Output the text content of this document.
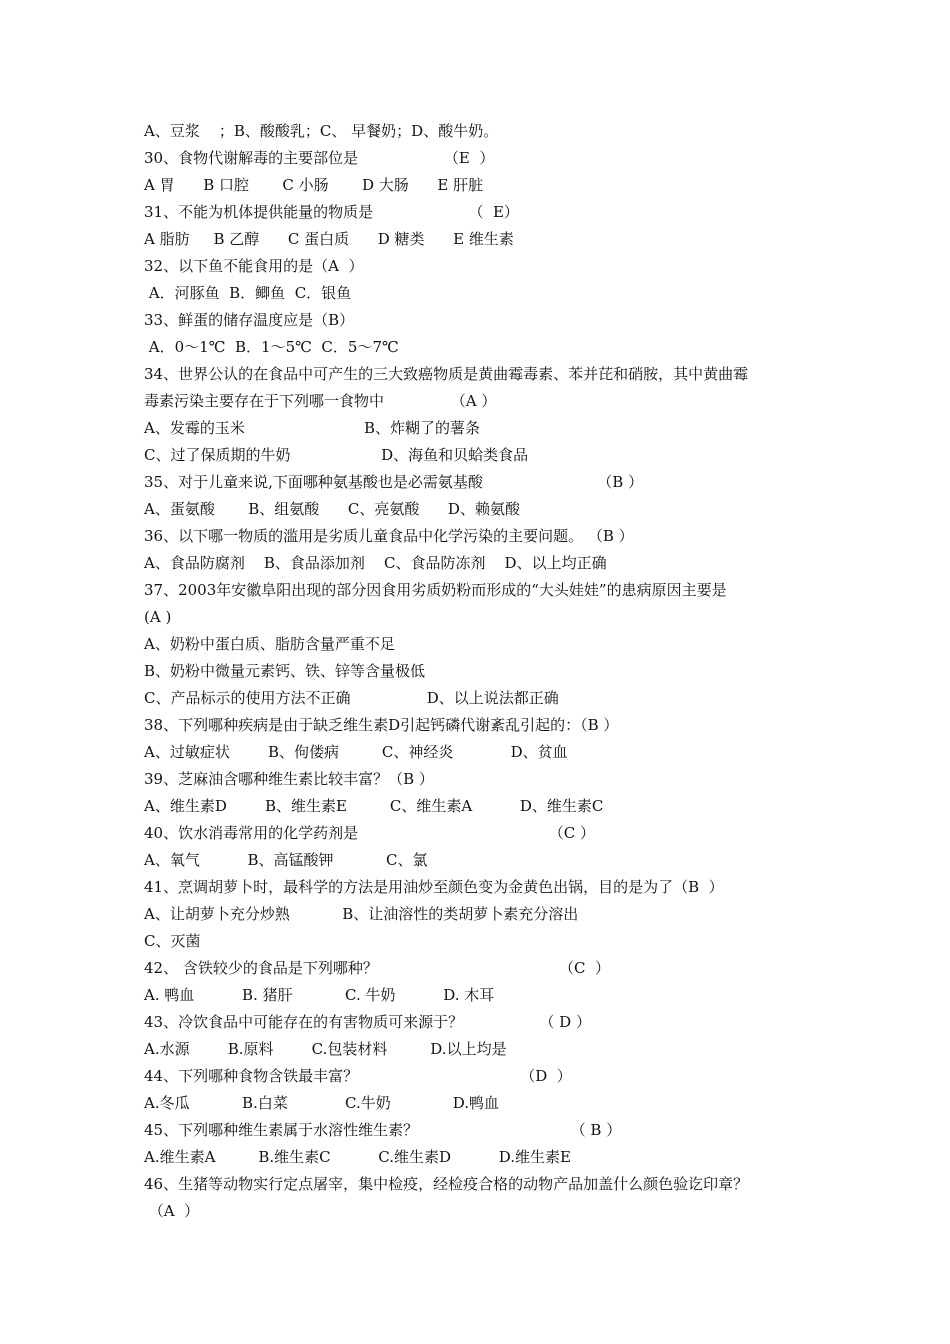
A、豆浆    ；B、酸酸乳；C、 早餐奶；D、酸牛奶。
30、食物代谢解毒的主要部位是                  （E  ）
A 胃      B 口腔       C 小肠       D 大肠      E 肝脏
31、不能为机体提供能量的物质是                    （  E）
A 脂肪     B 乙醇      C 蛋白质      D 糖类      E 维生素
32、以下鱼不能食用的是（A  ）
A．河豚鱼  B．鲫鱼  C．银鱼
33、鲜蛋的储存温度应是（B）
A．0～1℃  B．1～5℃  C．5～7℃
34、世界公认的在食品中可产生的三大致癌物质是黄曲霉毒素、苯并芘和硝胺，其中黄曲霉
毒素污染主要存在于下列哪一食物中              （A ）
A、发霉的玉米                         B、炸糊了的薯条
C、过了保质期的牛奶                   D、海鱼和贝蛤类食品
35、对于儿童来说,下面哪种氨基酸也是必需氨基酸                        （B ）
A、蛋氨酸       B、组氨酸      C、亮氨酸      D、赖氨酸
36、以下哪一物质的滥用是劣质儿童食品中化学污染的主要问题。 （B ）
A、食品防腐剂    B、食品添加剂    C、食品防冻剂    D、以上均正确
37、2003年安徽阜阳出现的部分因食用劣质奶粉而形成的“大头娃娃”的患病原因主要是
(A )
A、奶粉中蛋白质、脂肪含量严重不足
B、奶粉中微量元素钙、铁、锌等含量极低
C、产品标示的使用方法不正确                D、以上说法都正确
38、下列哪种疾病是由于缺乏维生素D引起钙磷代谢紊乱引起的：（B ）
A、过敏症状        B、佝偻病         C、神经炎            D、贫血
39、芝麻油含哪种维生素比较丰富？（B ）
A、维生素D        B、维生素E         C、维生素A          D、维生素C
40、饮水消毒常用的化学药剂是                                        （C ）
A、氧气          B、高锰酸钾           C、氯
41、烹调胡萝卜时，最科学的方法是用油炒至颜色变为金黄色出锅，目的是为了（B  ）
A、让胡萝卜充分炒熟           B、让油溶性的类胡萝卜素充分溶出
C、灭菌
42、 含铁较少的食品是下列哪种？                                      （C  ）
A. 鸭血          B. 猪肝           C. 牛奶          D. 木耳
43、冷饮食品中可能存在的有害物质可来源于？                （ D ）
A.水源        B.原料        C.包装材料         D.以上均是
44、下列哪种食物含铁最丰富？                                  （D  ）
A.冬瓜           B.白菜            C.牛奶             D.鸭血
45、下列哪种维生素属于水溶性维生素？                                （ B ）
A.维生素A         B.维生素C          C.维生素D          D.维生素E
46、生猪等动物实行定点屠宰，集中检疫，经检疫合格的动物产品加盖什么颜色验讫印章？
（A  ）
